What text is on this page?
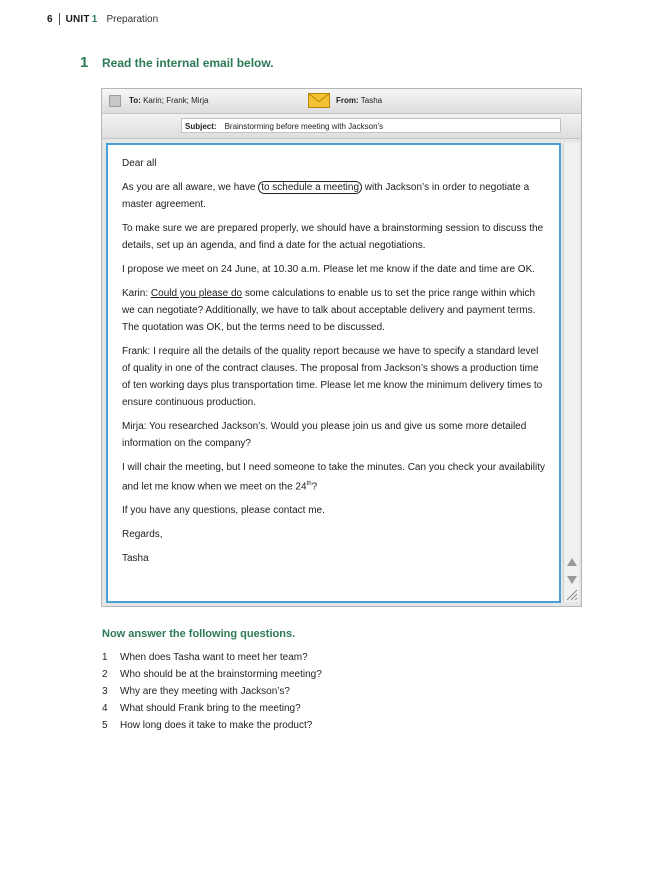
6 UNIT 1 Preparation
1 Read the internal email below.
To: Karin; Frank; Mirja	From: Tasha
Subject: Brainstorming before meeting with Jackson’s

Dear all

As you are all aware, we have to schedule a meeting with Jackson’s in order to negotiate a master agreement.

To make sure we are prepared properly, we should have a brainstorming session to discuss the details, set up an agenda, and find a date for the actual negotiations.

I propose we meet on 24 June, at 10.30 a.m. Please let me know if the date and time are OK.

Karin: Could you please do some calculations to enable us to set the price range within which we can negotiate? Additionally, we have to talk about acceptable delivery and payment terms. The quotation was OK, but the terms need to be discussed.

Frank: I require all the details of the quality report because we have to specify a standard level of quality in one of the contract clauses. The proposal from Jackson’s shows a production time of ten working days plus transportation time. Please let me know the minimum delivery times to ensure continuous production.

Mirja: You researched Jackson’s. Would you please join us and give us some more detailed information on the company?

I will chair the meeting, but I need someone to take the minutes. Can you check your availability and let me know when we meet on the 24th?

If you have any questions, please contact me.

Regards,

Tasha

Now answer the following questions.
1	When does Tasha want to meet her team?
2	Who should be at the brainstorming meeting?
3	Why are they meeting with Jackson’s?
4	What should Frank bring to the meeting?
5	How long does it take to make the product?
